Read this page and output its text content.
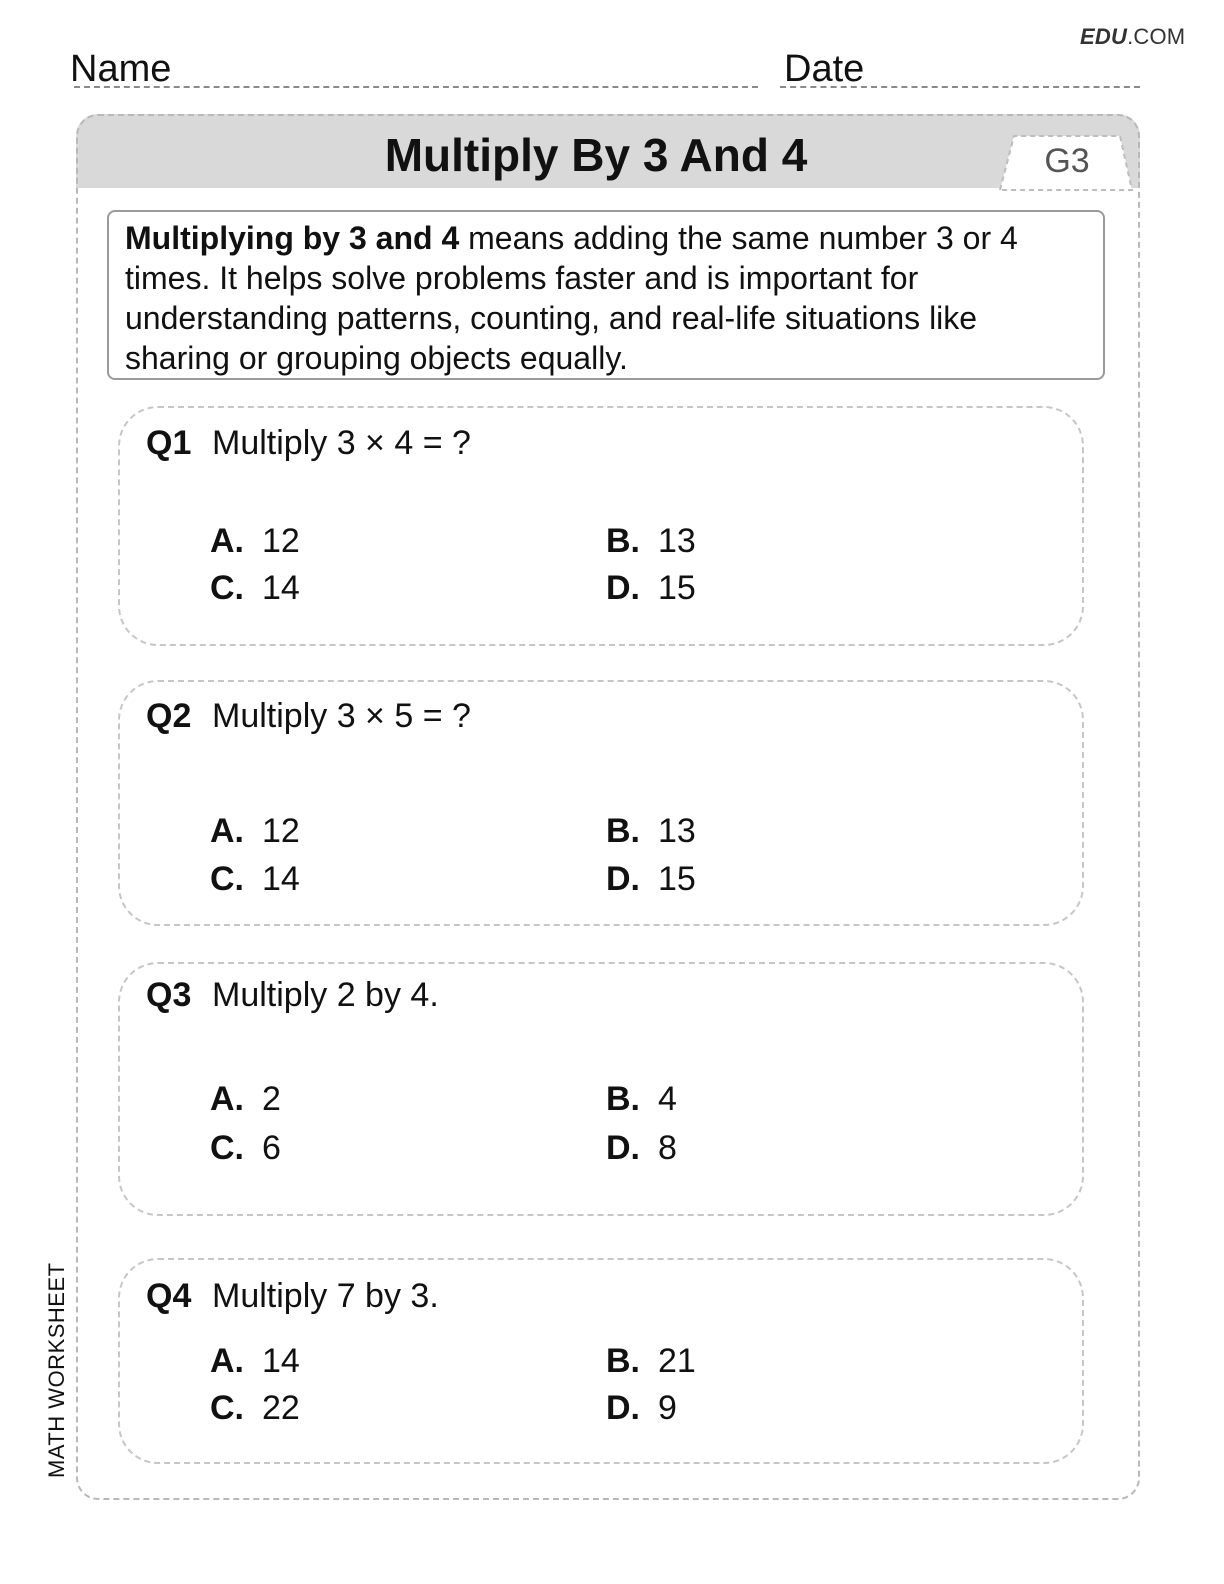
EDU.COM
Name	Date
Multiply By 3 And 4	G3
Multiplying by 3 and 4 means adding the same number 3 or 4 times. It helps solve problems faster and is important for understanding patterns, counting, and real-life situations like sharing or grouping objects equally.
Q1 Multiply 3 × 4 = ?
A. 12	B. 13
C. 14	D. 15
Q2 Multiply 3 × 5 = ?
A. 12	B. 13
C. 14	D. 15
Q3 Multiply 2 by 4.
A. 2	B. 4
C. 6	D. 8
Q4 Multiply 7 by 3.
A. 14	B. 21
C. 22	D. 9
MATH WORKSHEET
